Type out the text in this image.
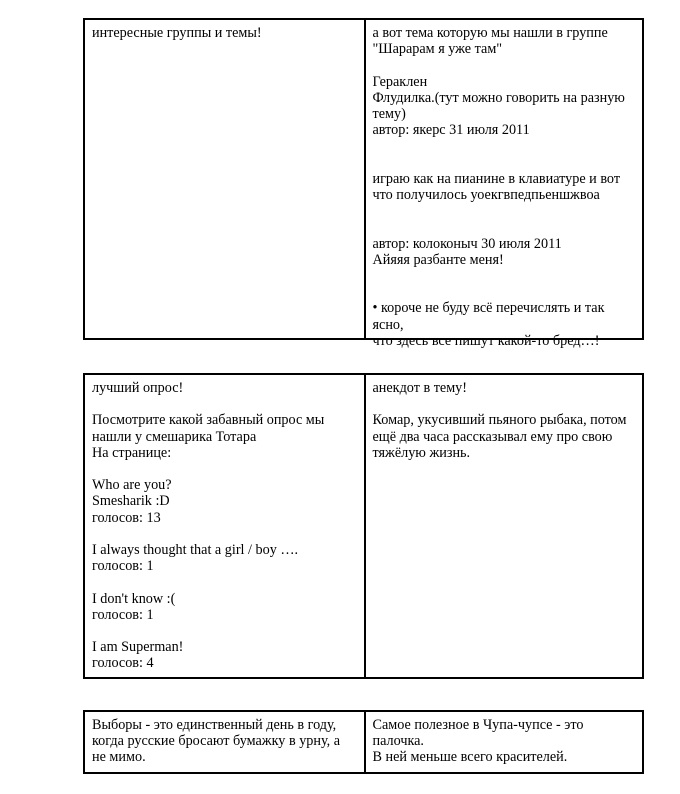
интересные группы и темы!	а вот тема которую мы нашли в группе

"Шарарам я уже там"

Гераклен

Флудилка.(тут можно говорить на разную

тему)

автор: якерс 31 июля 2011

играю как на пианине в клавиатуре и вот

что получилось уоекгвпедпьеншжвоа

автор: колоконыч 30 июля 2011

Айяяя разбанте меня!

• короче не буду всё перечислять и так ясно,

что здесь все пишут какой-то бред…!

лучший опрос!

Посмотрите какой забавный опрос мы

нашли у смешарика Тотара

На странице:

Who are you?

Smesharik :D

голосов: 13

I always thought that a girl / boy ….

голосов: 1

I don't know :(

голосов: 1

I am Superman!

голосов: 4

анекдот в тему!

Комар, укусивший пьяного рыбака, потом

ещё два часа рассказывал ему про свою

тяжёлую жизнь.

Выборы - это единственный день в году,

когда русские бросают бумажку в урну, а

не мимо.

Самое полезное в Чупа-чупсе - это палочка.

В ней меньше всего красителей.
